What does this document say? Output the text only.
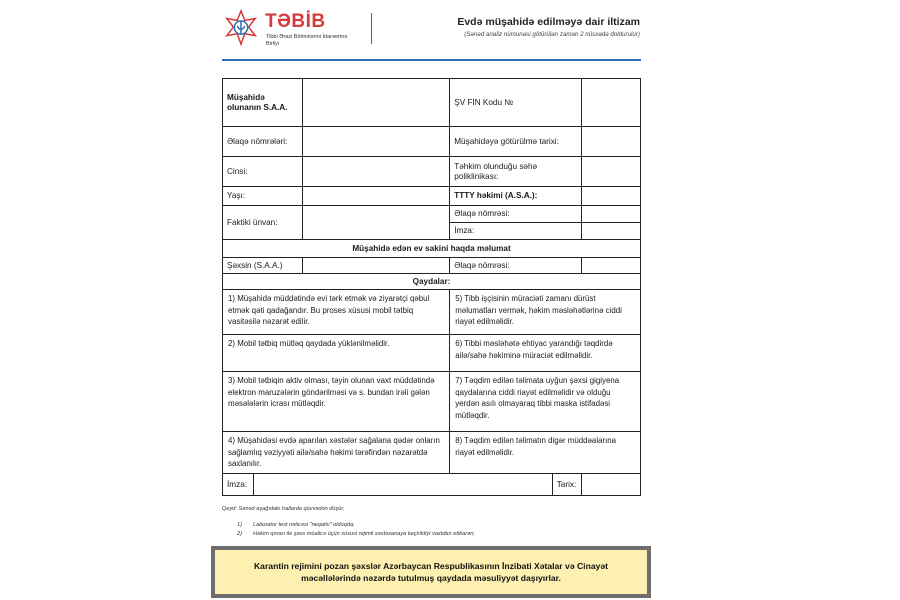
TƏBİB
Tibbi Ərazi Bölmələrini İdarəetmə Birliyi
Evdə müşahidə edilməyə dair iltizam
(Sənəd analiz nümunəsi götürülən zaman 2 nüsxədə doldurulur)
Müşahidə olunanın S.A.A.			ŞV FİN Kodu №		
Əlaqə nömrələri:			Müşahidəyə götürülmə tarixi:		
Cinsi:			Təhkim olunduğu səhə poliklinikası:		
Yaşı:			TTTY həkimi (A.S.A.):		
Faktiki ünvan:			Əlaqə nömrəsi:		
			İmza:		
Müşahidə edən ev sakini haqda məlumat					
Şəxsin (S.A.A.)			Əlaqə nömrəsi:		
Qaydalar:					
1) Müşahidə müddətində evi tərk etmək və ziyarətçi qəbul etmək qəti qadağandır. Bu proses xüsusi mobil tətbiq vasitəsilə nəzarət edilir.			5) Tibb işçisinin müraciəti zamanı dürüst məlumatları vermək, həkim məsləhətlərinə ciddi riayət edilməlidir.		
2) Mobil tətbiq mütləq qaydada yüklənilməlidir.			6) Tibbi məsləhətə ehtiyac yarandığı təqdirdə ailə/sahə həkiminə müraciət edilməlidir.		
3) Mobil tətbiqin aktiv olması, təyin olunan vaxt müddətində elektron maruzələrin göndərilməsi və s. bundan irəli gələn məsələlərin icrası mütləqdir.			7) Təqdim edilən təlimata uyğun şəxsi gigiyena qaydalarına ciddi riayət edilməlidir və olduğu yerdən asılı olmayaraq tibbi maska istifadəsi mütləqdir.		
4) Müşahidəsi evdə aparılan xəstələr sağalana qədər onların sağlamlıq vəziyyəti ailə/sahə həkimi tərəfindən nəzarətdə saxlanılır.			8) Təqdim edilən təlimatın digər müddəalarına riayət edilməlidir.		
İmza:				Tarix:	
Qeyd: Sənəd aşağıdakı hallarda qüvvədən düşür.
1) Laborator test nəticəsi "neqativ" olduqda;
2) Həkim qərarı ilə şəxs müalicə üçün xüsusi rejimli xəstəxanaya keçirildiyi vaxtdan etibarən;
Karantin rejimini pozan şəxslər Azərbaycan Respublikasının İnzibati Xətalar və Cinayət məcəllələrində nəzərdə tutulmuş qaydada məsuliyyət daşıyırlar.
